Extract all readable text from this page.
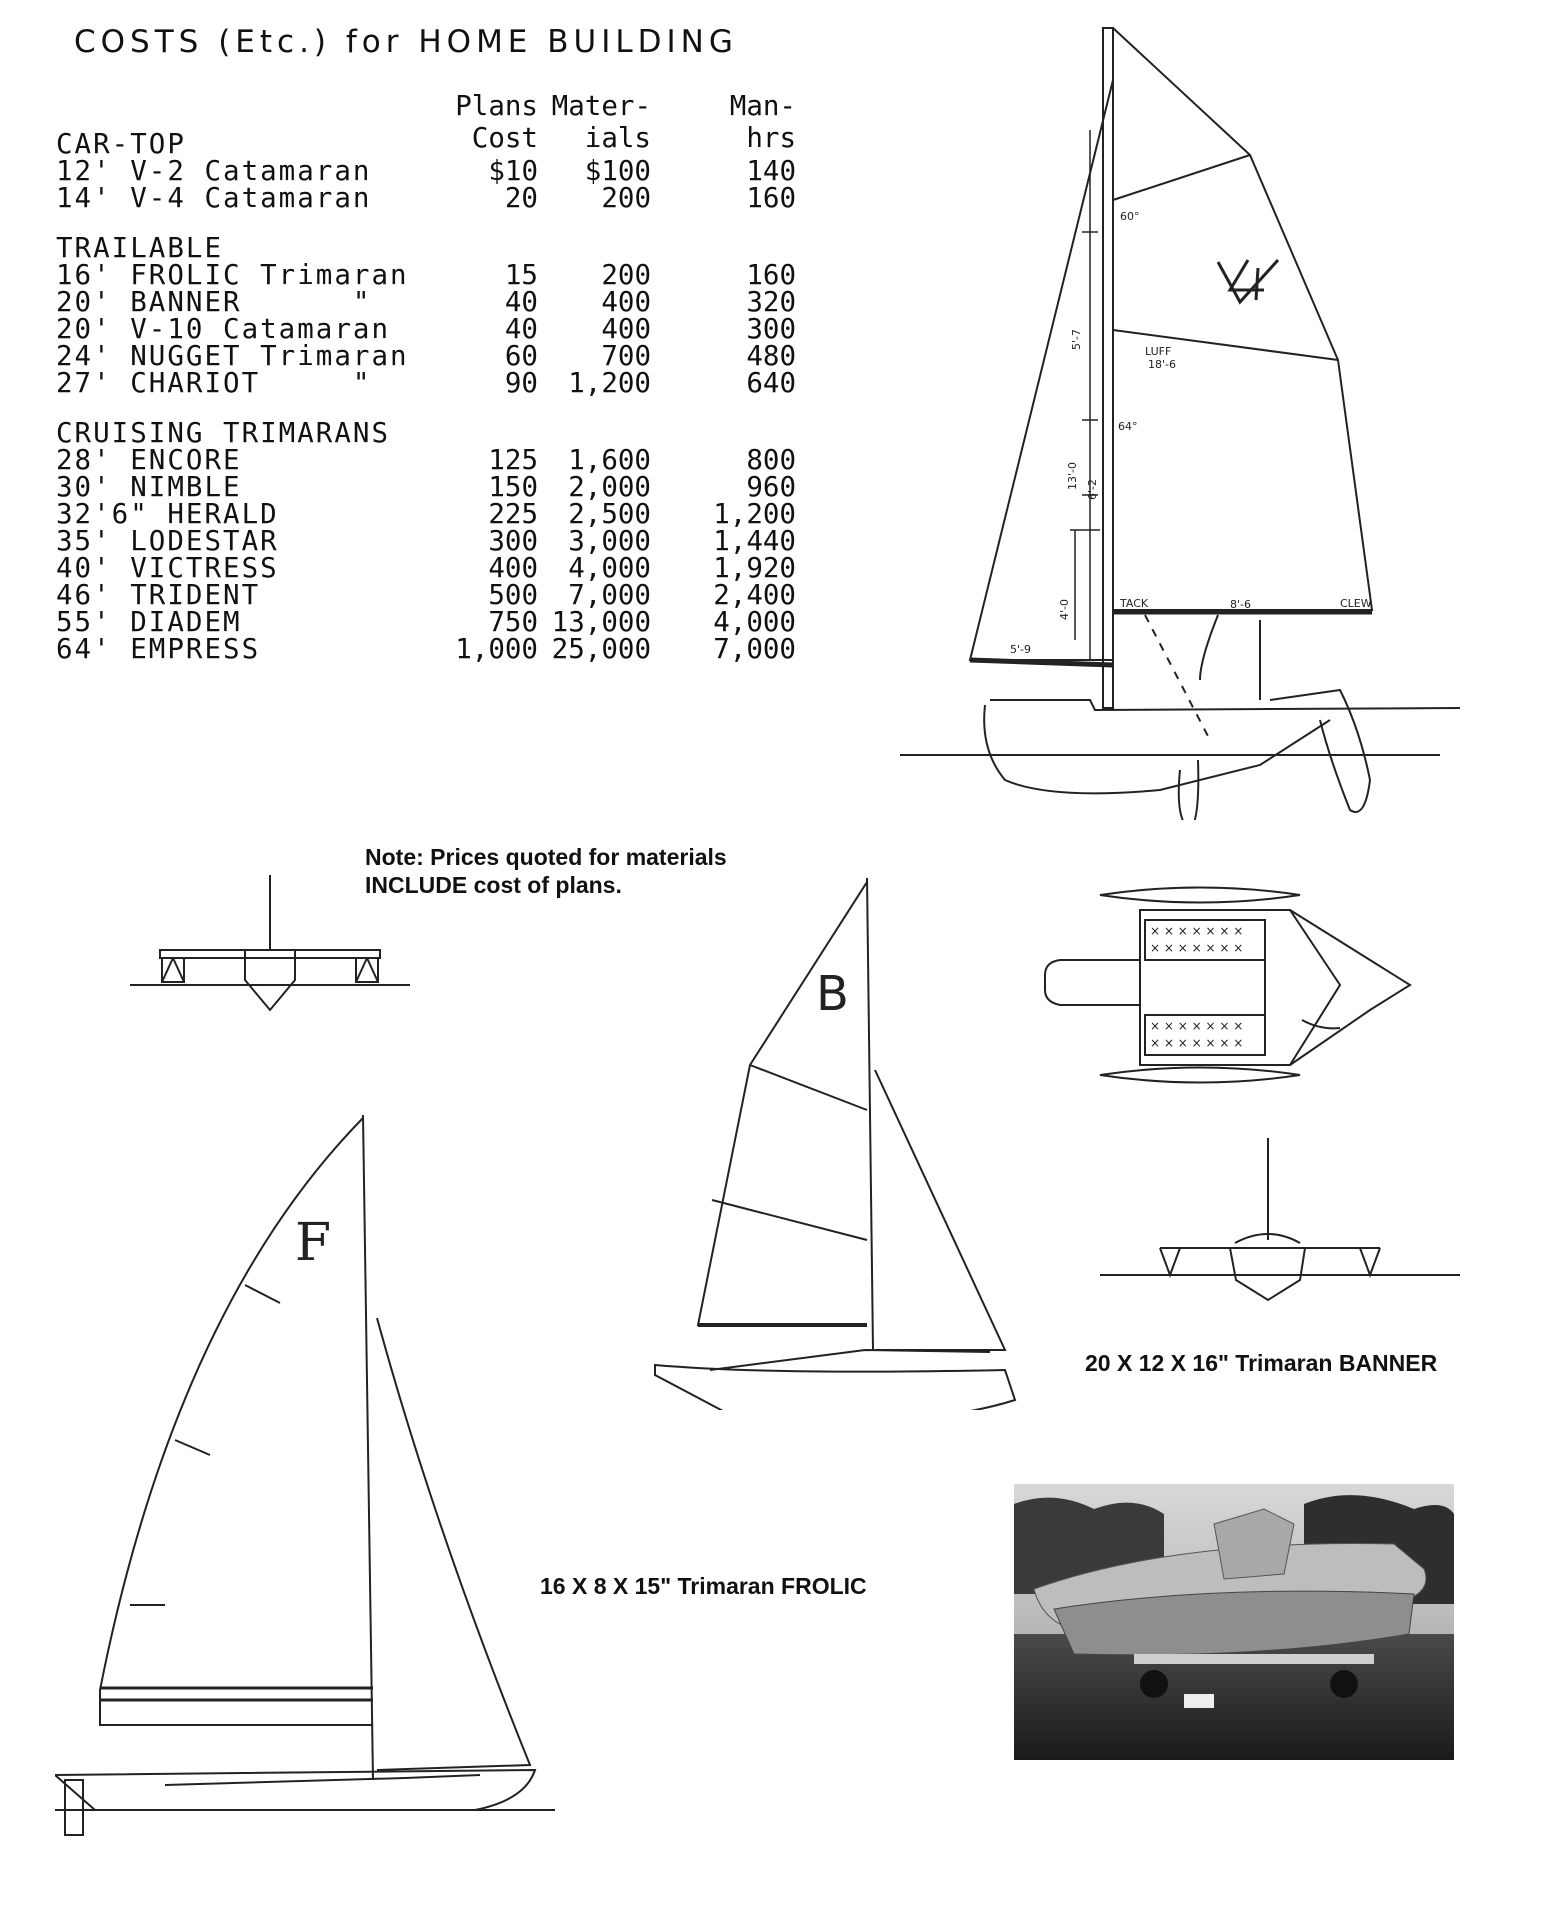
COSTS (Etc.) for HOME BUILDING
Plans
Cost
Mater-
ials
Man-
hrs
CAR-TOP
12' V-2 Catamaran	$10 $100	140
14' V-4 Catamaran	20 200	160
TRAILABLE
16' FROLIC Trimaran	15 200	160
20' BANNER      "	40 400	320
20' V-10 Catamaran	40 400	300
24' NUGGET Trimaran	60 700	480
27' CHARIOT     "	90 1,200	640
CRUISING TRIMARANS
28' ENCORE	125 1,600	800
30' NIMBLE	150 2,000	960
32'6" HERALD	225 2,500 1,200
35' LODESTAR	300 3,000 1,440
40' VICTRESS	400 4,000 1,920
46' TRIDENT	500 7,000 2,400
55' DIADEM	750 13,000 4,000
64' EMPRESS	1,000 25,000 7,000
LUFF
18'-6
TACK	CLEW
8'-6
5'-9
60°
64°
5'-7
13'-0 6'-2
4'-0
Note: Prices quoted for materials
INCLUDE cost of plans.
B
× × × × × × ×
× × × × × × ×
× × × × × × ×
× × × × × × ×
20 X 12 X 16" Trimaran BANNER
F
16 X 8 X 15" Trimaran FROLIC
